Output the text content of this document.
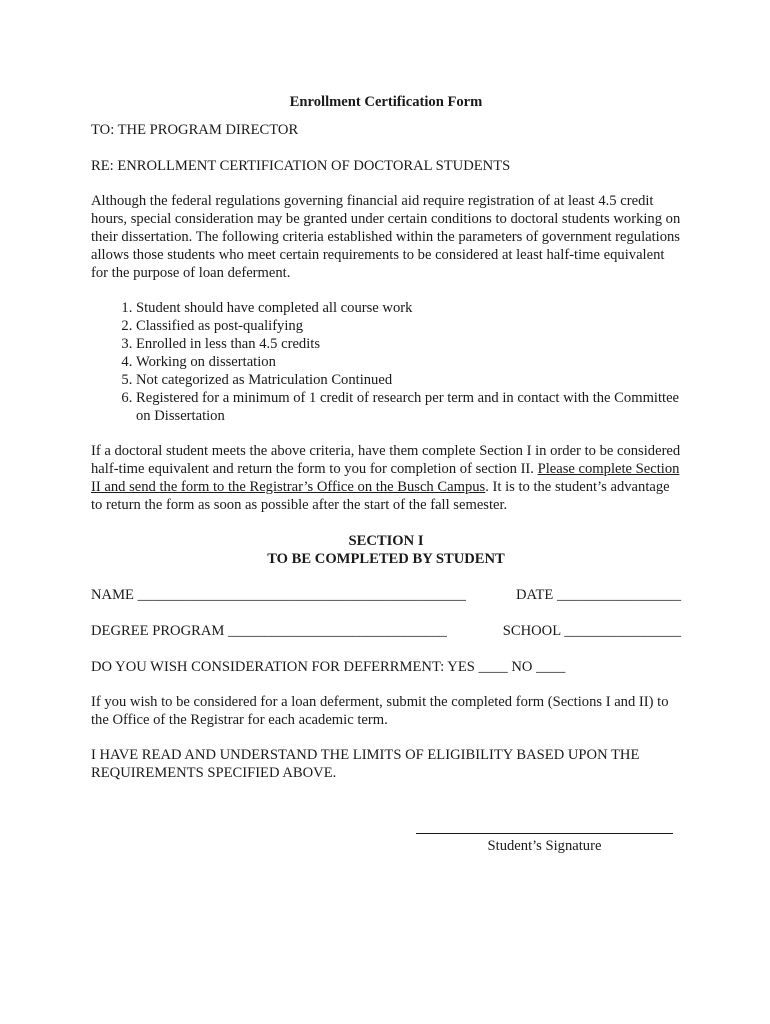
Enrollment Certification Form

TO: THE PROGRAM DIRECTOR

RE: ENROLLMENT CERTIFICATION OF DOCTORAL STUDENTS

Although the federal regulations governing financial aid require registration of at least 4.5 credit hours, special consideration may be granted under certain conditions to doctoral students working on their dissertation. The following criteria established within the parameters of government regulations allows those students who meet certain requirements to be considered at least half-time equivalent for the purpose of loan deferment.

1. Student should have completed all course work
2. Classified as post-qualifying
3. Enrolled in less than 4.5 credits
4. Working on dissertation
5. Not categorized as Matriculation Continued
6. Registered for a minimum of 1 credit of research per term and in contact with the Committee on Dissertation

If a doctoral student meets the above criteria, have them complete Section I in order to be considered half-time equivalent and return the form to you for completion of section II. Please complete Section II and send the form to the Registrar’s Office on the Busch Campus. It is to the student’s advantage to return the form as soon as possible after the start of the fall semester.

SECTION I
TO BE COMPLETED BY STUDENT
NAME _____________________________________________	DATE _________________
DEGREE PROGRAM ______________________________	SCHOOL ________________
DO YOU WISH CONSIDERATION FOR DEFERRMENT: YES ____ NO ____

If you wish to be considered for a loan deferment, submit the completed form (Sections I and II) to the Office of the Registrar for each academic term.

I HAVE READ AND UNDERSTAND THE LIMITS OF ELIGIBILITY BASED UPON THE REQUIREMENTS SPECIFIED ABOVE.

Student’s Signature
